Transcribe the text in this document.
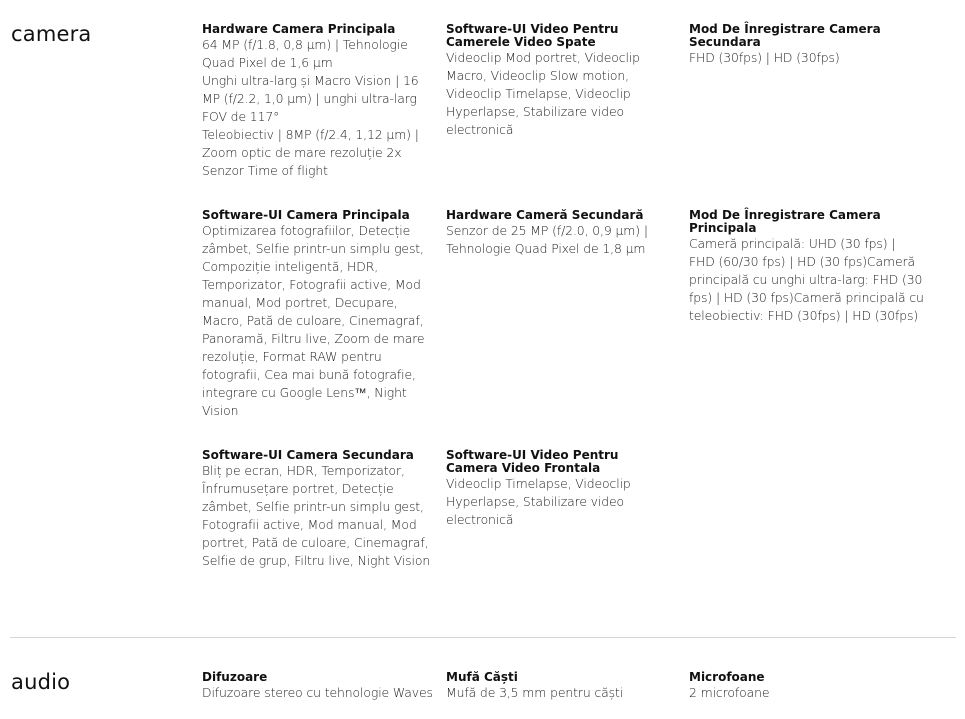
camera	Hardware Camera Principala

64 MP (f/1.8, 0,8 µm) | Tehnologie Quad Pixel de 1,6 µm

Unghi ultra-larg și Macro Vision | 16 MP (f/2.2, 1,0 µm) | unghi ultra-larg FOV de 117°

Teleobiectiv | 8MP (f/2.4, 1,12 µm) | Zoom optic de mare rezoluție 2x

Senzor Time of flight

Software-UI Video Pentru Camerele Video Spate
Videoclip Mod portret, Videoclip Macro, Videoclip Slow motion, Videoclip Timelapse, Videoclip Hyperlapse, Stabilizare video electronică
Mod De Înregistrare Camera Secundara
FHD (30fps) | HD (30fps)
Software-UI Camera Principala
Optimizarea fotografiilor, Detecție zâmbet, Selfie printr-un simplu gest, Compoziție inteligentă, HDR, Temporizator, Fotografii active, Mod manual, Mod portret, Decupare, Macro, Pată de culoare, Cinemagraf, Panoramă, Filtru live, Zoom de mare rezoluție, Format RAW pentru fotografii, Cea mai bună fotografie, integrare cu Google Lens™, Night Vision
Hardware Cameră Secundară
Senzor de 25 MP (f/2.0, 0,9 µm) | Tehnologie Quad Pixel de 1,8 µm
Mod De Înregistrare Camera Principala
Cameră principală: UHD (30 fps) | FHD (60/30 fps) | HD (30 fps)Cameră principală cu unghi ultra-larg: FHD (30 fps) | HD (30 fps)Cameră principală cu teleobiectiv: FHD (30fps) | HD (30fps)
Software-UI Camera Secundara
Bliț pe ecran, HDR, Temporizator, Înfrumusețare portret, Detecție zâmbet, Selfie printr-un simplu gest, Fotografii active, Mod manual, Mod portret, Pată de culoare, Cinemagraf, Selfie de grup, Filtru live, Night Vision
Software-UI Video Pentru Camera Video Frontala
Videoclip Timelapse, Videoclip Hyperlapse, Stabilizare video electronică
audio	Difuzoare
Difuzoare stereo cu tehnologie Waves
Mufă Căști
Mufă de 3,5 mm pentru căști
Microfoane
2 microfoane
